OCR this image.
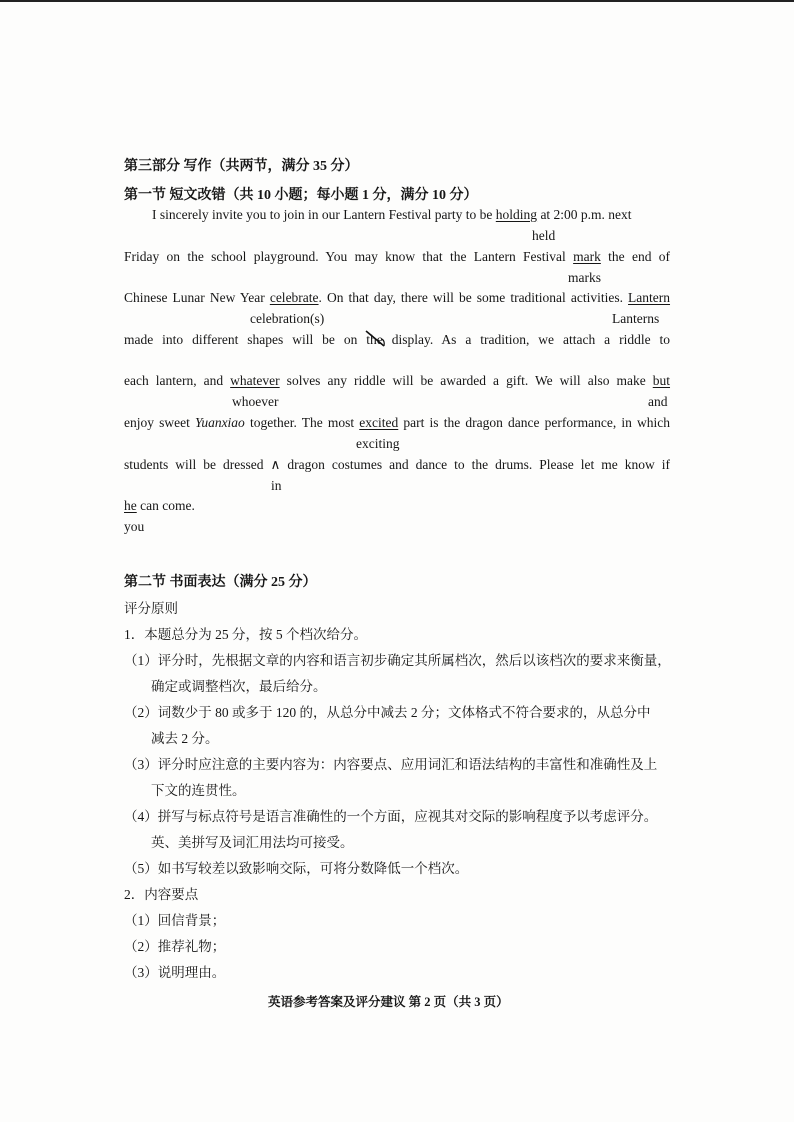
第三部分 写作（共两节，满分 35 分）
第一节 短文改错（共 10 小题；每小题 1 分，满分 10 分）
I sincerely invite you to join in our Lantern Festival party to be holding at 2:00 p.m. next
held
Friday on the school playground. You may know that the Lantern Festival mark the end of
marks
Chinese Lunar New Year celebrate. On that day, there will be some traditional activities. Lantern
celebration(s)	Lanterns
made into different shapes will be on the
display. As a tradition, we attach a riddle to
each lantern, and whatever solves any riddle will be awarded a gift. We will also make but
whoever	and
enjoy sweet Yuanxiao together. The most excited part is the dragon dance performance, in which
exciting
students will be dressed ∧ dragon costumes and dance to the drums. Please let me know if
in
he can come.
you
第二节 书面表达（满分 25 分）
评分原则
1．本题总分为 25 分，按 5 个档次给分。
（1）评分时，先根据文章的内容和语言初步确定其所属档次，然后以该档次的要求来衡量，
确定或调整档次，最后给分。
（2）词数少于 80 或多于 120 的，从总分中减去 2 分；文体格式不符合要求的，从总分中
减去 2 分。
（3）评分时应注意的主要内容为：内容要点、应用词汇和语法结构的丰富性和准确性及上
下文的连贯性。
（4）拼写与标点符号是语言准确性的一个方面，应视其对交际的影响程度予以考虑评分。
英、美拼写及词汇用法均可接受。
（5）如书写较差以致影响交际，可将分数降低一个档次。
2．内容要点
（1）回信背景；
（2）推荐礼物；
（3）说明理由。
英语参考答案及评分建议 第 2 页（共 3 页）
